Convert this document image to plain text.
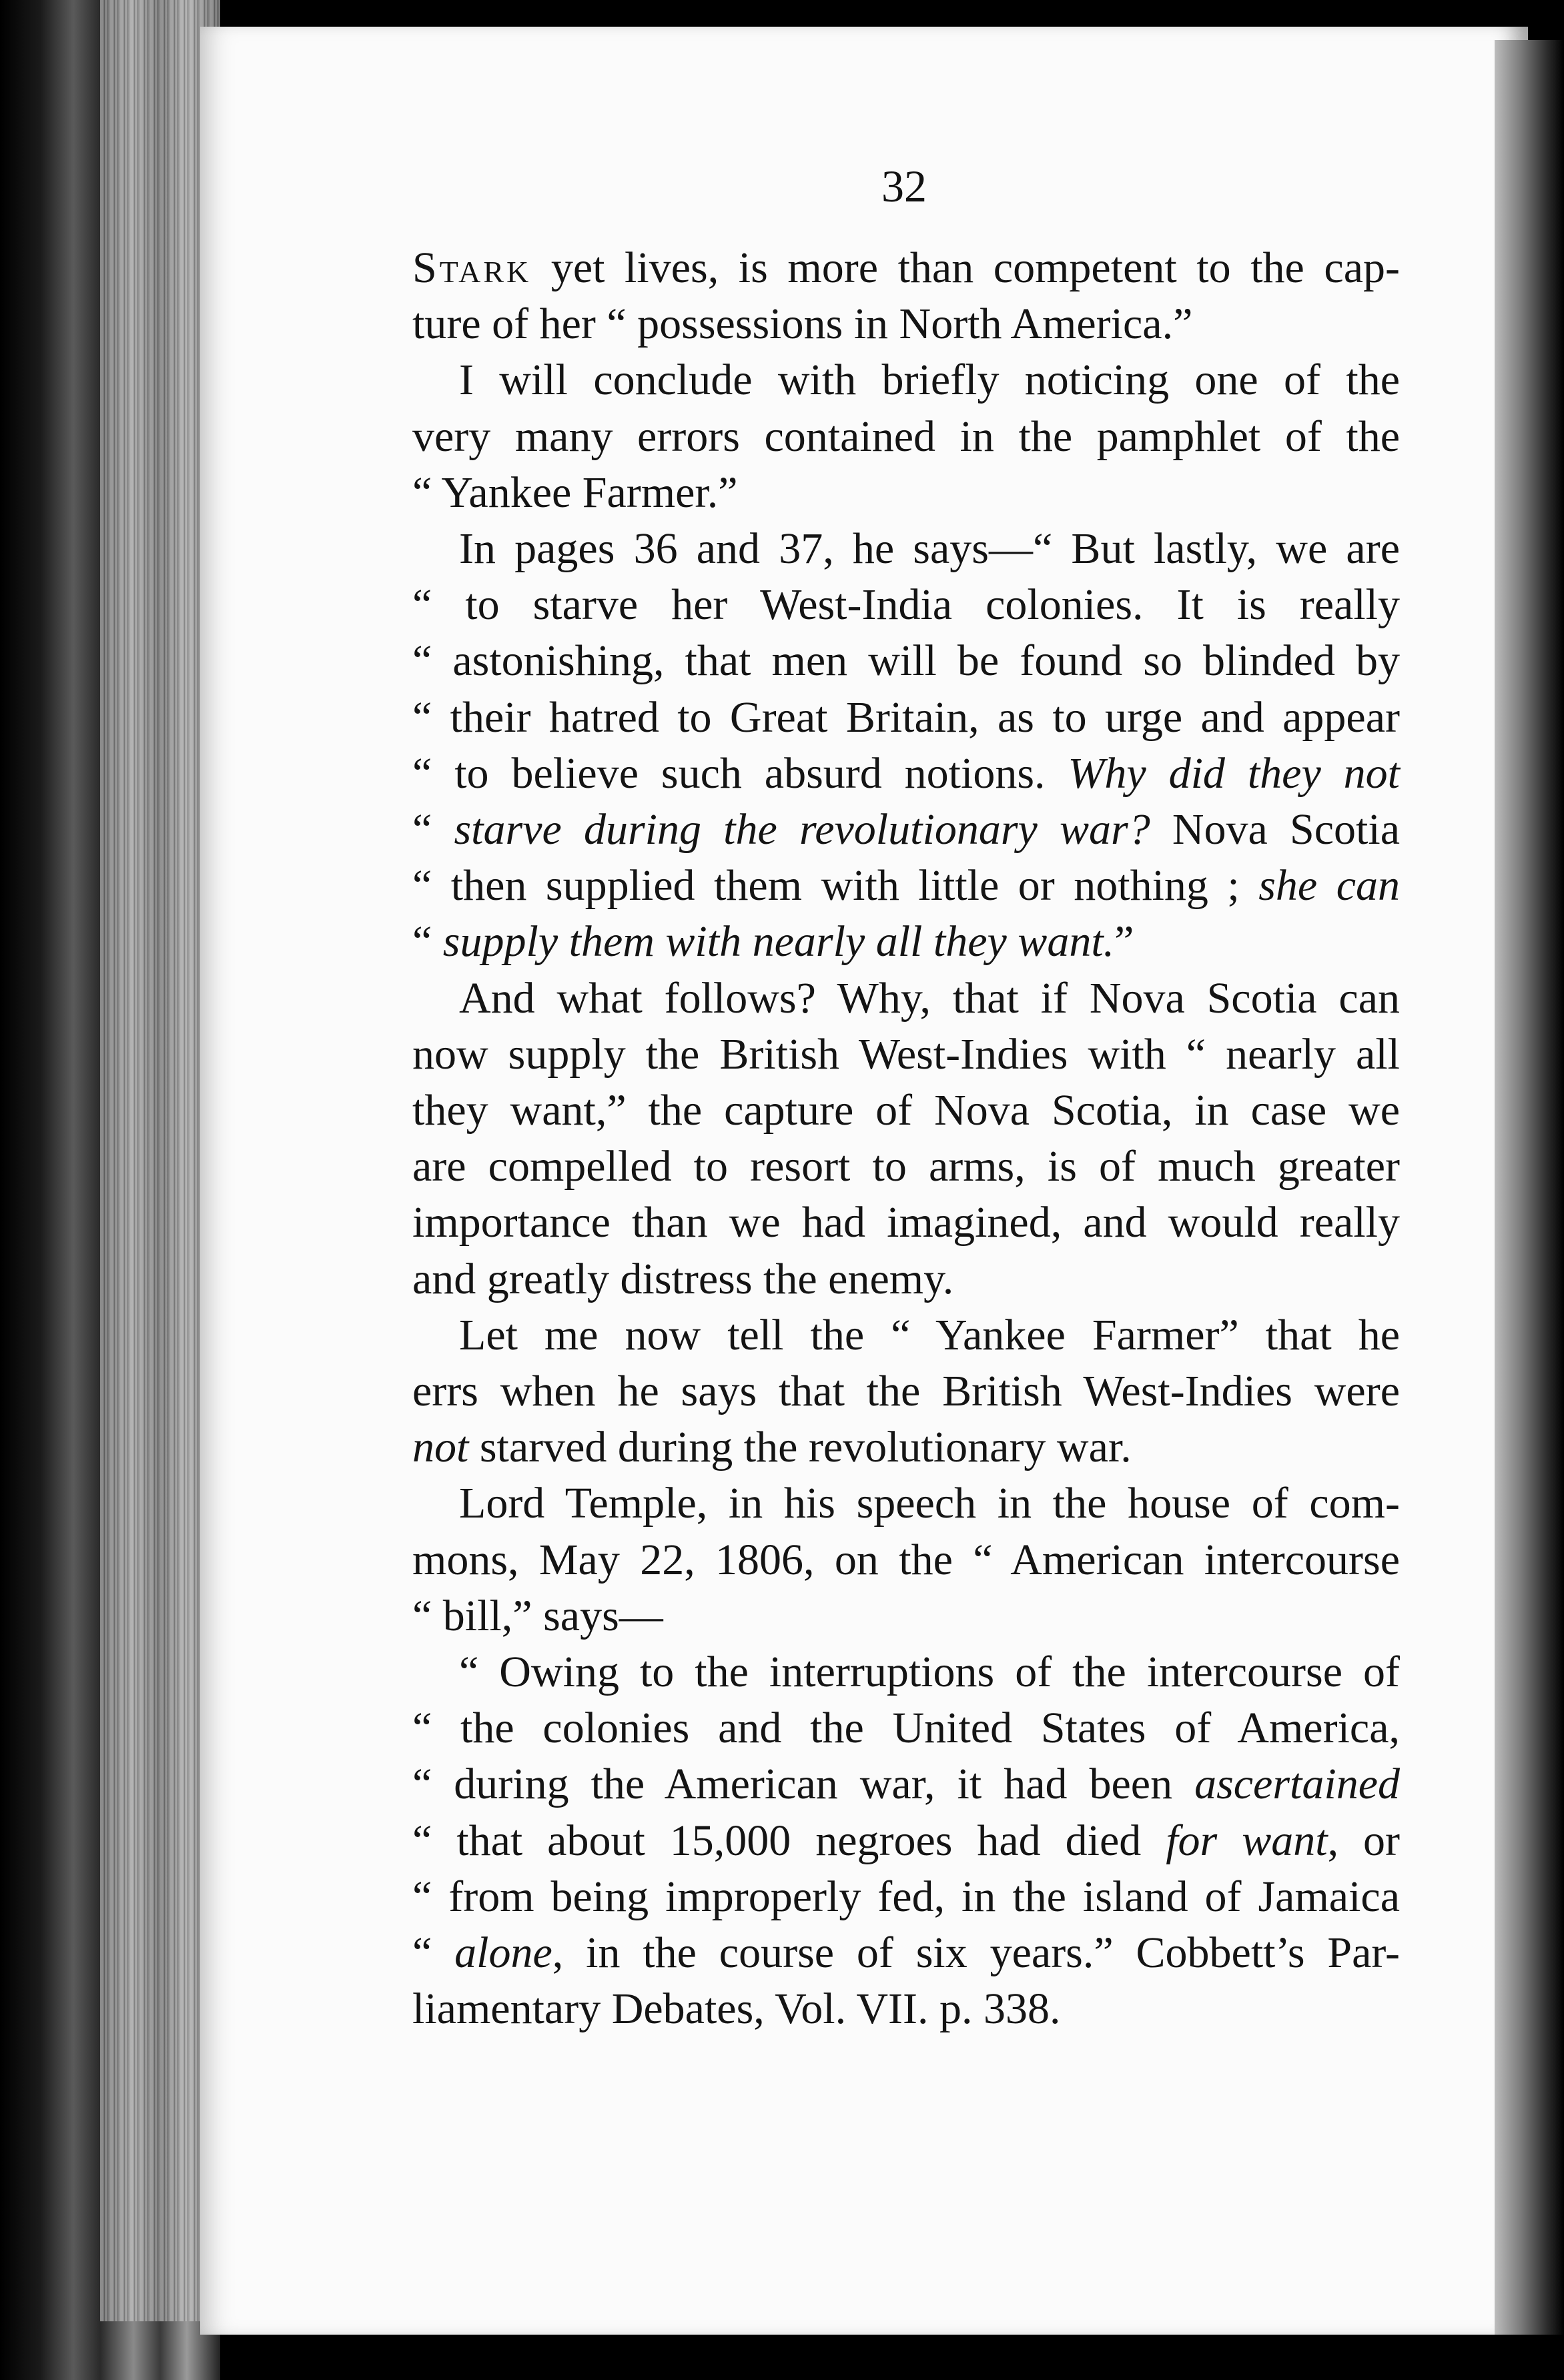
32
Stark yet lives, is more than competent to the cap-
ture of her “ possessions in North America.”
I will conclude with briefly noticing one of the
very many errors contained in the pamphlet of the
“ Yankee Farmer.”
In pages 36 and 37, he says—“ But lastly, we are
“ to starve her West-India colonies. It is really
“ astonishing, that men will be found so blinded by
“ their hatred to Great Britain, as to urge and appear
“ to believe such absurd notions. Why did they not
“ starve during the revolutionary war? Nova Scotia
“ then supplied them with little or nothing ; she can
“ supply them with nearly all they want.”
And what follows? Why, that if Nova Scotia can
now supply the British West-Indies with “ nearly all
they want,” the capture of Nova Scotia, in case we
are compelled to resort to arms, is of much greater
importance than we had imagined, and would really
and greatly distress the enemy.
Let me now tell the “ Yankee Farmer” that he
errs when he says that the British West-Indies were
not starved during the revolutionary war.
Lord Temple, in his speech in the house of com-
mons, May 22, 1806, on the “ American intercourse
“ bill,” says—
“ Owing to the interruptions of the intercourse of
“ the colonies and the United States of America,
“ during the American war, it had been ascertained
“ that about 15,000 negroes had died for want, or
“ from being improperly fed, in the island of Jamaica
“ alone, in the course of six years.” Cobbett’s Par-
liamentary Debates, Vol. VII. p. 338.
